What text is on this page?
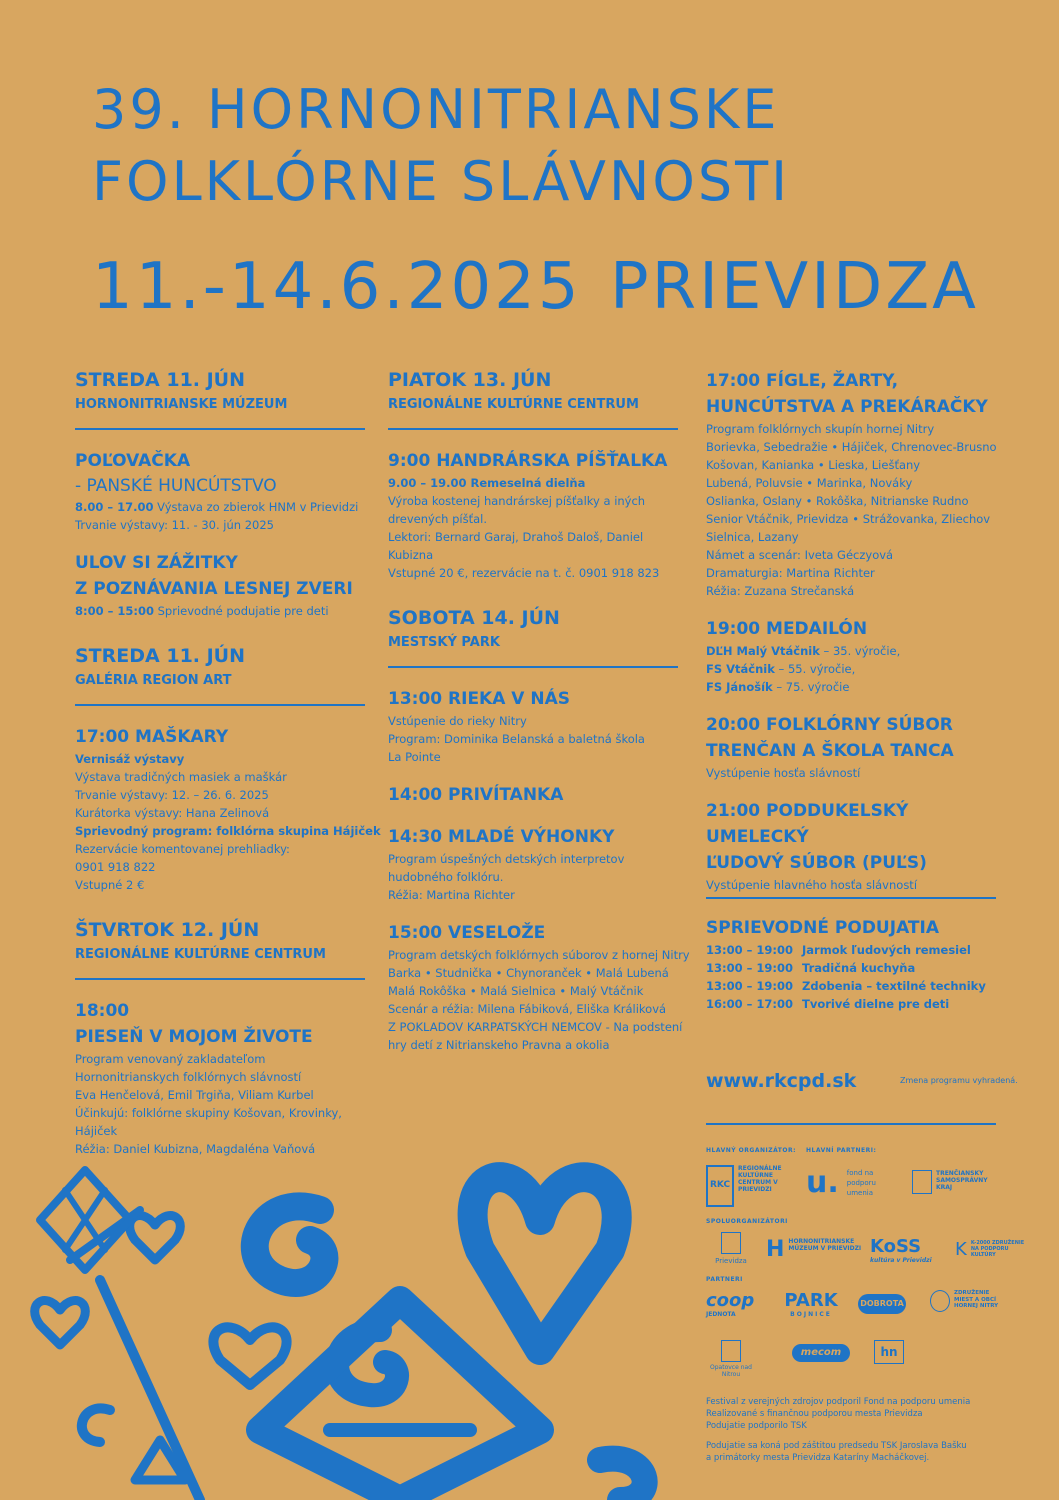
39. HORNONITRIANSKE
FOLKLÓRNE SLÁVNOSTI
11.-14.6.2025 PRIEVIDZA

STREDA 11. JÚN

HORNONITRIANSKE MÚZEUM

POĽOVAČKA

- PANSKÉ HUNCÚTSTVO

8.00 – 17.00 Výstava zo zbierok HNM v Prievidzi

Trvanie výstavy: 11. - 30. jún 2025

ULOV SI ZÁŽITKY

Z POZNÁVANIA LESNEJ ZVERI

8:00 – 15:00 Sprievodné podujatie pre deti

STREDA 11. JÚN

GALÉRIA REGION ART

17:00 MAŠKARY

Vernisáž výstavy

Výstava tradičných masiek a maškár

Trvanie výstavy: 12. – 26. 6. 2025

Kurátorka výstavy: Hana Zelinová

Sprievodný program: folklórna skupina Hájiček

Rezervácie komentovanej prehliadky:

0901 918 822

Vstupné 2 €

ŠTVRTOK 12. JÚN

REGIONÁLNE KULTÚRNE CENTRUM

18:00

PIESEŇ V MOJOM ŽIVOTE

Program venovaný zakladateľom

Hornonitrianskych folklórnych slávností

Eva Henčelová, Emil Trgiňa, Viliam Kurbel

Účinkujú: folklórne skupiny Košovan, Krovinky,

Hájiček

Réžia: Daniel Kubizna, Magdaléna Vaňová

PIATOK 13. JÚN

REGIONÁLNE KULTÚRNE CENTRUM

9:00 HANDRÁRSKA PÍŠŤALKA

9.00 – 19.00 Remeselná dielňa

Výroba kostenej handrárskej píšťalky a iných

drevených píšťal.

Lektori: Bernard Garaj, Drahoš Daloš, Daniel

Kubizna

Vstupné 20 €, rezervácie na t. č. 0901 918 823

SOBOTA 14. JÚN

MESTSKÝ PARK

13:00 RIEKA V NÁS

Vstúpenie do rieky Nitry

Program: Dominika Belanská a baletná škola

La Pointe

14:00 PRIVÍTANKA

14:30 MLADÉ VÝHONKY

Program úspešných detských interpretov

hudobného folklóru.

Réžia: Martina Richter

15:00 VESELOŽE

Program detských folklórnych súborov z hornej Nitry

Barka • Studnička • Chynoranček • Malá Lubená

Malá Rokôška • Malá Sielnica • Malý Vtáčnik

Scenár a réžia: Milena Fábiková, Eliška Králiková

Z POKLADOV KARPATSKÝCH NEMCOV - Na podstení

hry detí z Nitrianskeho Pravna a okolia

17:00 FÍGLE, ŽARTY,

HUNCÚTSTVA A PREKÁRAČKY

Program folklórnych skupín hornej Nitry

Borievka, Sebedražie • Hájiček, Chrenovec-Brusno

Košovan, Kanianka • Lieska, Liešťany

Lubená, Poluvsie • Marinka, Nováky

Oslianka, Oslany • Rokôška, Nitrianske Rudno

Senior Vtáčnik, Prievidza • Strážovanka, Zliechov

Sielnica, Lazany

Námet a scenár: Iveta Géczyová

Dramaturgia: Martina Richter

Réžia: Zuzana Strečanská

19:00 MEDAILÓN

DĽH Malý Vtáčnik – 35. výročie,

FS Vtáčnik – 55. výročie,

FS Jánošík – 75. výročie

20:00 FOLKLÓRNY SÚBOR

TRENČAN A ŠKOLA TANCA

Vystúpenie hosťa slávností

21:00 PODDUKELSKÝ UMELECKÝ

ĽUDOVÝ SÚBOR (PUĽS)

Vystúpenie hlavného hosťa slávností

SPRIEVODNÉ PODUJATIA

13:00 – 19:00 Jarmok ľudových remesiel
13:00 – 19:00 Tradičná kuchyňa
13:00 – 19:00 Zdobenia – textilné techniky
16:00 – 17:00 Tvorivé dielne pre deti
www.rkcpd.sk	Zmena programu vyhradená.
HLAVNÝ ORGANIZÁTOR: HLAVNÍ PARTNERI:
RKC
REGIONÁLNE KULTÚRNE CENTRUM V PRIEVIDZI	u. fond na podporu umenia
TRENČIANSKY SAMOSPRÁVNY KRAJ
SPOLUORGANIZÁTORI
Prievidza H HORNONITRIANSKE MÚZEUM V PRIEVIDZI KoSS
kultúra v Prievidzi
K K-2000 ZDRUŽENIE NA PODPORU KULTÚRY
PARTNERI
coop
JEDNOTA
PARK
BOJNICE
DOBROTA
ZDRUŽENIE MIEST A OBCÍ HORNEJ NITRY
Opatovce nad Nitrou
mecom	hn
Festival z verejných zdrojov podporil Fond na podporu umenia
Realizované s finančnou podporou mesta Prievidza
Podujatie podporilo TSK
Podujatie sa koná pod záštitou predsedu TSK Jaroslava Bašku
a primátorky mesta Prievidza Kataríny Macháčkovej.
